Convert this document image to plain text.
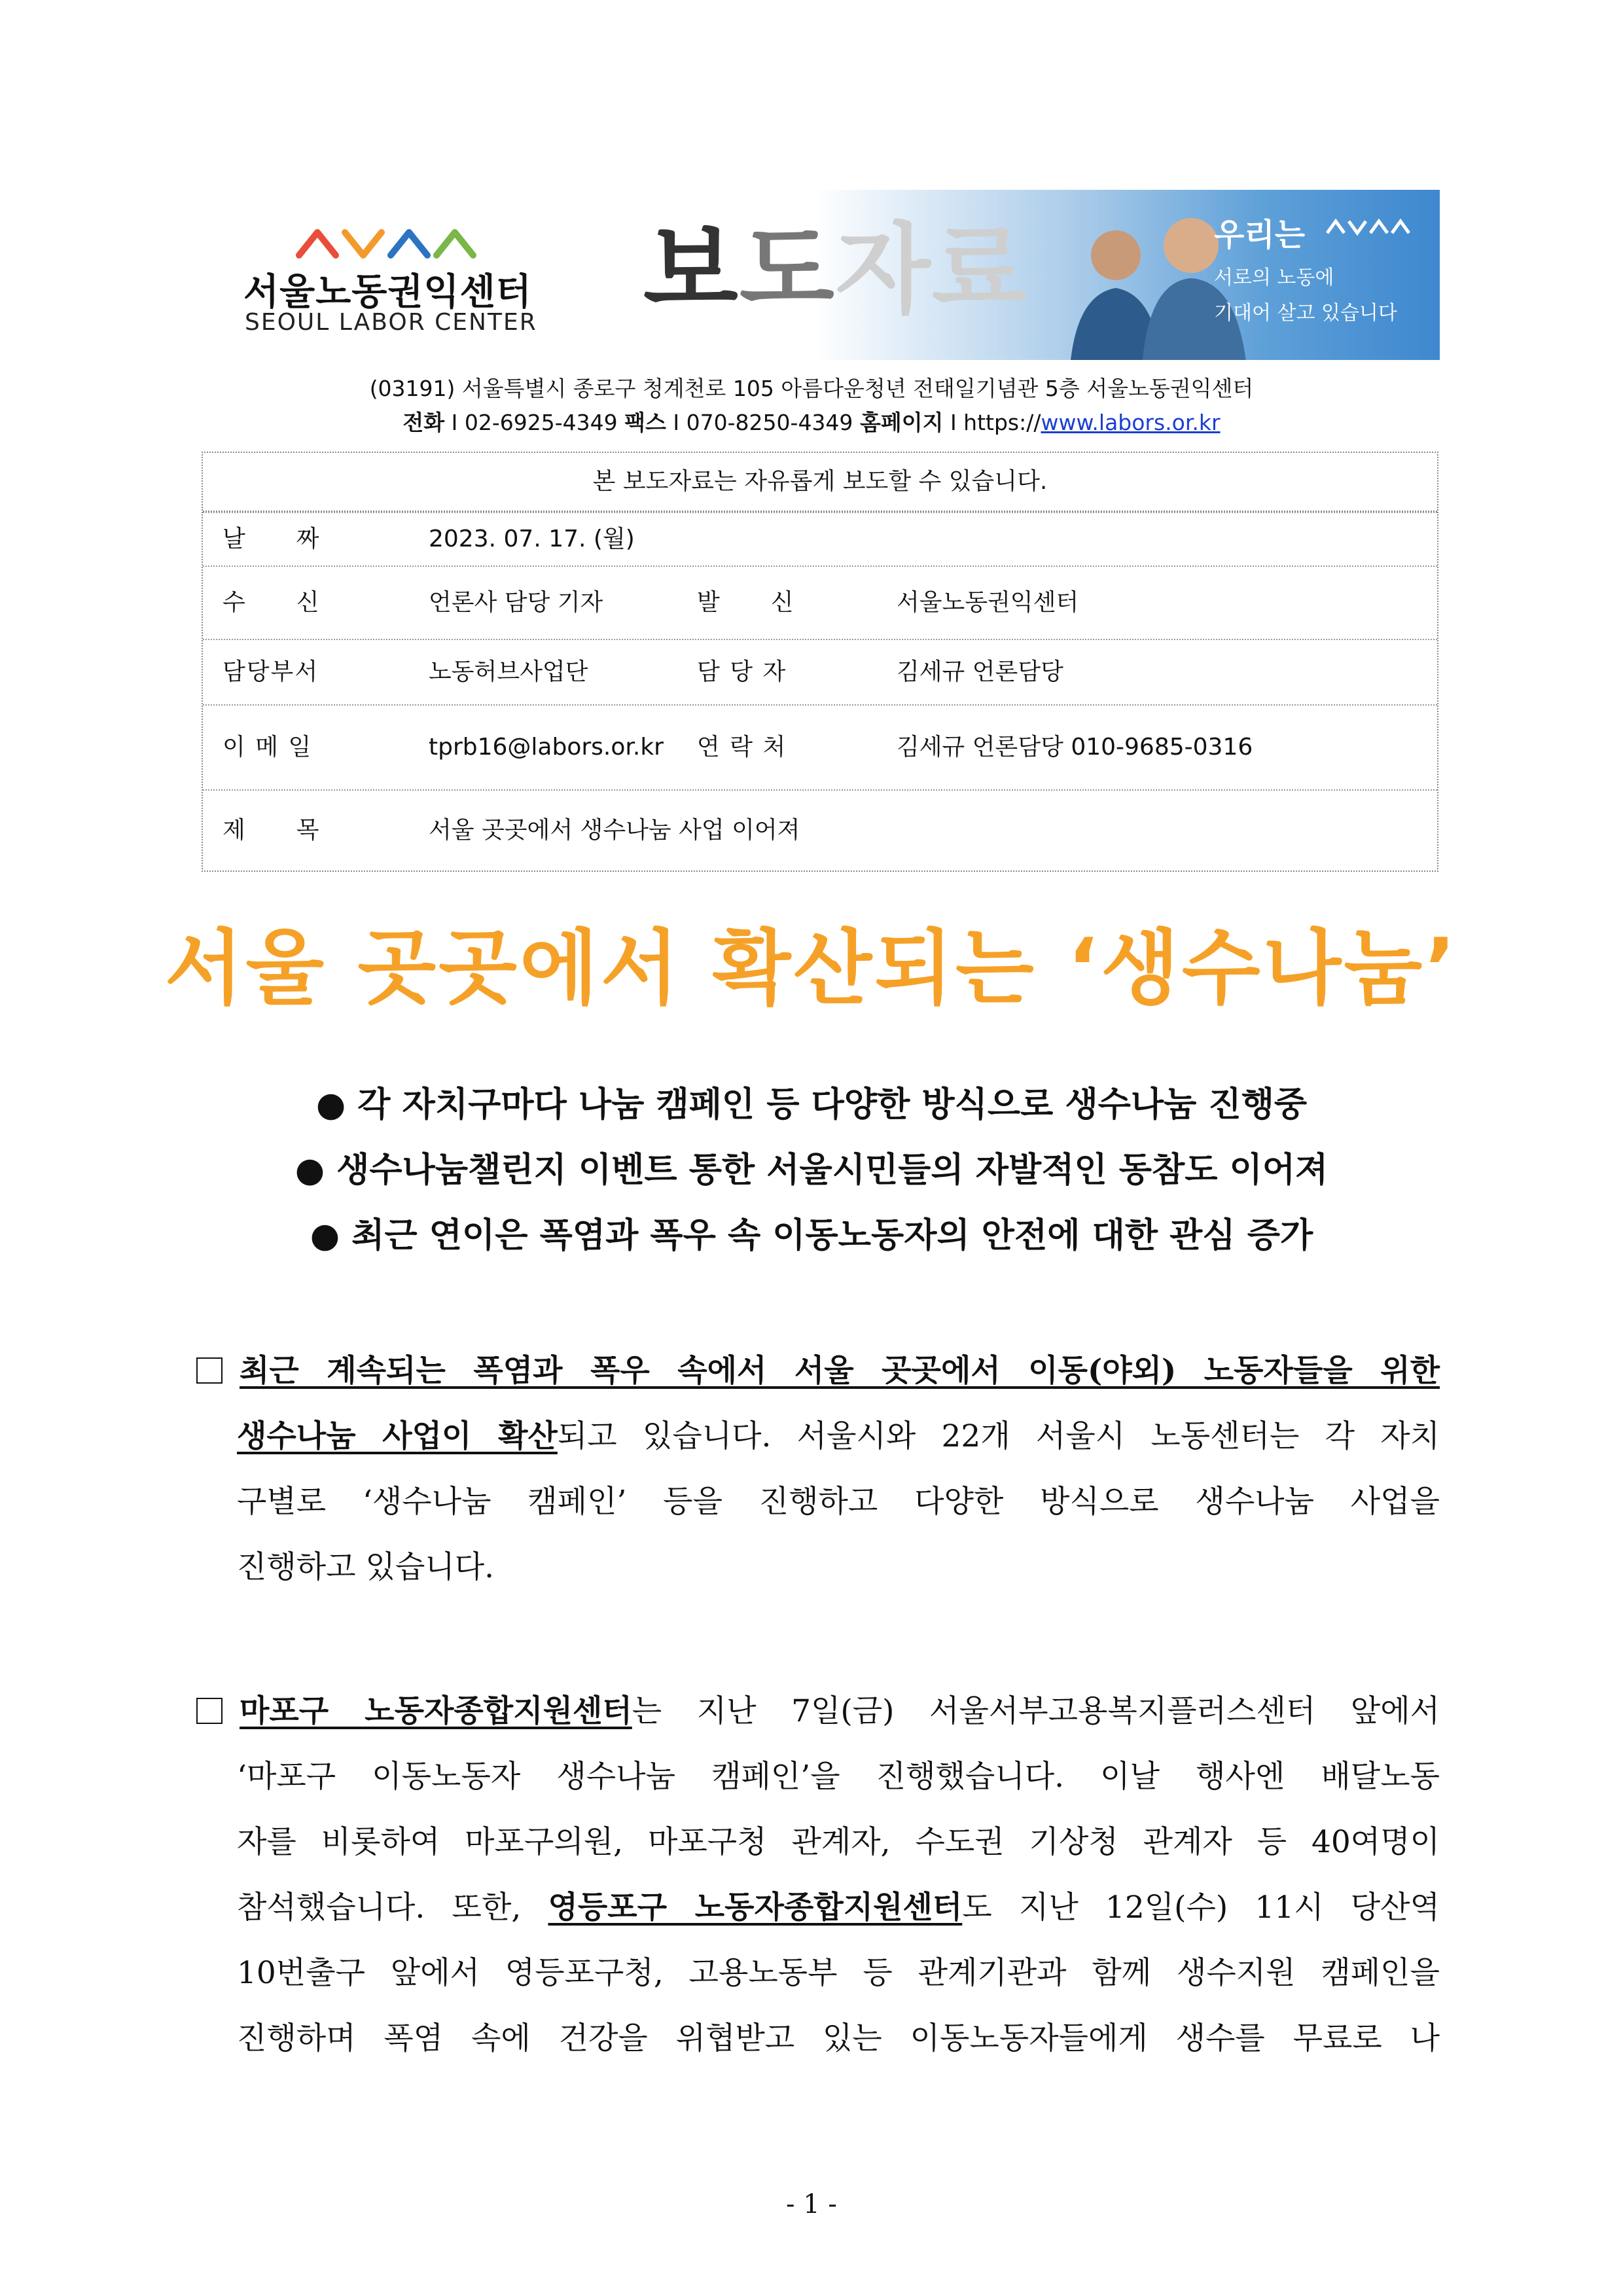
서울노동권익센터
SEOUL LABOR CENTER 보도자료	우리는
서로의 노동에
기대어 살고 있습니다
(03191) 서울특별시 종로구 청계천로 105 아름다운청년 전태일기념관 5층 서울노동권익센터
전화 I 02-6925-4349 팩스 I 070-8250-4349 홈페이지 I https://www.labors.or.kr
본 보도자료는 자유롭게 보도할 수 있습니다.
날　　짜	2023. 07. 17. (월)
수　　신	언론사 담당 기자	발　　신	서울노동권익센터
담당부서	노동허브사업단	담 당 자	김세규 언론담당
이 메 일	tprb16@labors.or.kr 연 락 처	김세규 언론담당 010-9685-0316
제　　목	서울 곳곳에서 생수나눔 사업 이어져
서울 곳곳에서 확산되는 ‘생수나눔’
● 각 자치구마다 나눔 캠페인 등 다양한 방식으로 생수나눔 진행중
● 생수나눔챌린지 이벤트 통한 서울시민들의 자발적인 동참도 이어져
● 최근 연이은 폭염과 폭우 속 이동노동자의 안전에 대한 관심 증가
최근 계속되는 폭염과 폭우 속에서 서울 곳곳에서 이동(야외) 노동자들을 위한
생수나눔 사업이 확산되고 있습니다. 서울시와 22개 서울시 노동센터는 각 자치
구별로 ‘생수나눔 캠페인’ 등을 진행하고 다양한 방식으로 생수나눔 사업을
진행하고 있습니다.
마포구 노동자종합지원센터는 지난 7일(금) 서울서부고용복지플러스센터 앞에서
‘마포구 이동노동자 생수나눔 캠페인’을 진행했습니다. 이날 행사엔 배달노동
자를 비롯하여 마포구의원, 마포구청 관계자, 수도권 기상청 관계자 등 40여명이
참석했습니다. 또한, 영등포구 노동자종합지원센터도 지난 12일(수) 11시 당산역
10번출구 앞에서 영등포구청, 고용노동부 등 관계기관과 함께 생수지원 캠페인을
진행하며 폭염 속에 건강을 위협받고 있는 이동노동자들에게 생수를 무료로 나
- 1 -
